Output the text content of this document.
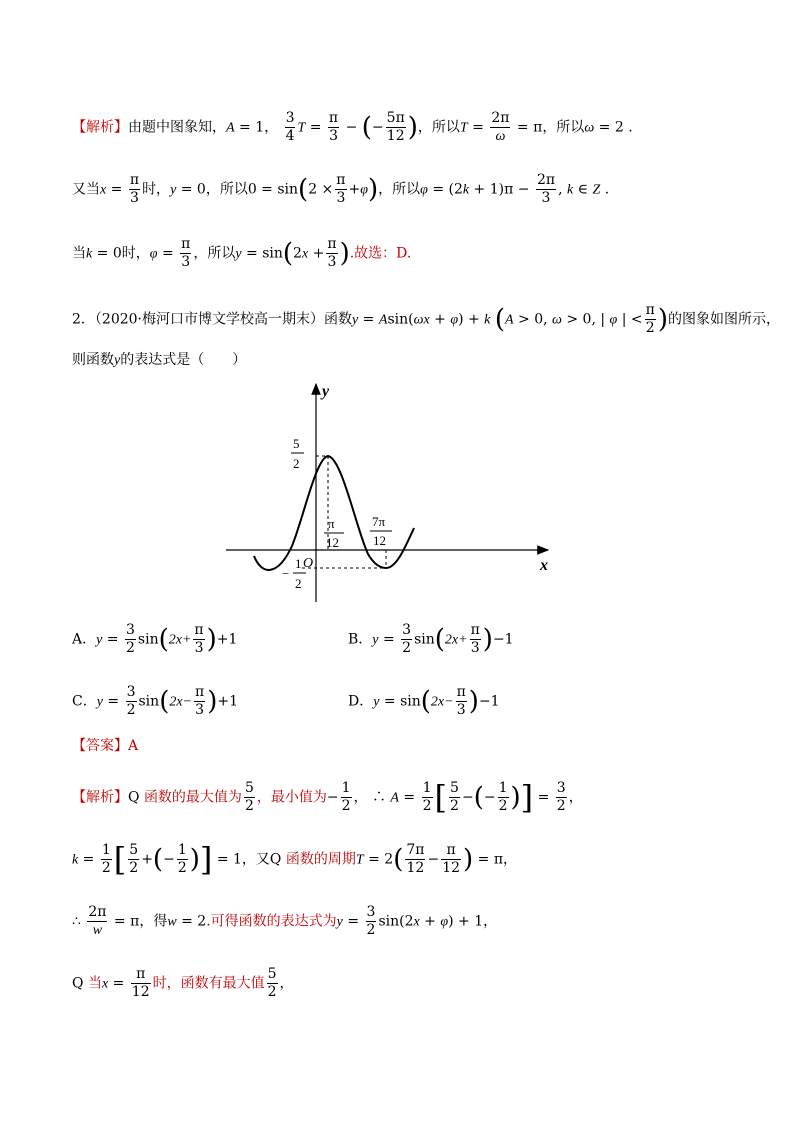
【解析】由题中图象知，A = 1， $\frac{3}{4}$ $T = \frac{\pi}{3}$ − (− $\frac{5\pi}{12}$ )，所以$T = \frac{2\pi}{\omega} = \pi$，所以ω = 2 .
又当$x = \frac{\pi}{3}$ 时，y = 0，所以$0 = \sin(2 \times \frac{\pi}{3} +\varphi)$，所以$\varphi = (2k + 1)\pi - \frac{2\pi}{3}$ , k ∈ Z .
当k = 0时，$\varphi = \frac{\pi}{3}$ ，所以$y = \sin(2x + \frac{\pi}{3}$ ).故选：D.
2．（2020·梅河口市博文学校高一期末）函数y = Asin(ωx + φ) + k (A > 0, ω > 0, | φ | < $\frac{\pi}{2}$ )的图象如图所示，
则函数y的表达式是（　　）
y
x
O
5
2
−
1
2
π
12
7π
12
A．$y = \frac{3}{2} \sin(2x+ \frac{\pi}{3} )+1$	B．$y = \frac{3}{2} \sin(2x+ \frac{\pi}{3} )-1$
C．$y = \frac{3}{2} \sin(2x- \frac{\pi}{3} )+1$	D．$y = \sin(2x- \frac{\pi}{3} )-1$
【答案】A
【解析】Q 函数的最大值为 $\frac{5}{2}$ ，最小值为− $\frac{1}{2}$ ， ∴ $A = \frac{1}{2}$ [ $\frac{5}{2}$ −(− $\frac{1}{2}$ )] = $\frac{3}{2}$ ，
$k = \frac{1}{2}$ [ $\frac{5}{2}$ +(− $\frac{1}{2}$ )] = 1，又Q 函数的周期$T = 2( \frac{7\pi}{12} - \frac{\pi}{12}$ ) = π，
∴ $\frac{2\pi}{w} = \pi$，得w = 2.可得函数的表达式为$y = \frac{3}{2} \sin(2x + \varphi) + 1$，
Q 当$x = \frac{\pi}{12}$ 时，函数有最大值 $\frac{5}{2}$ ，
